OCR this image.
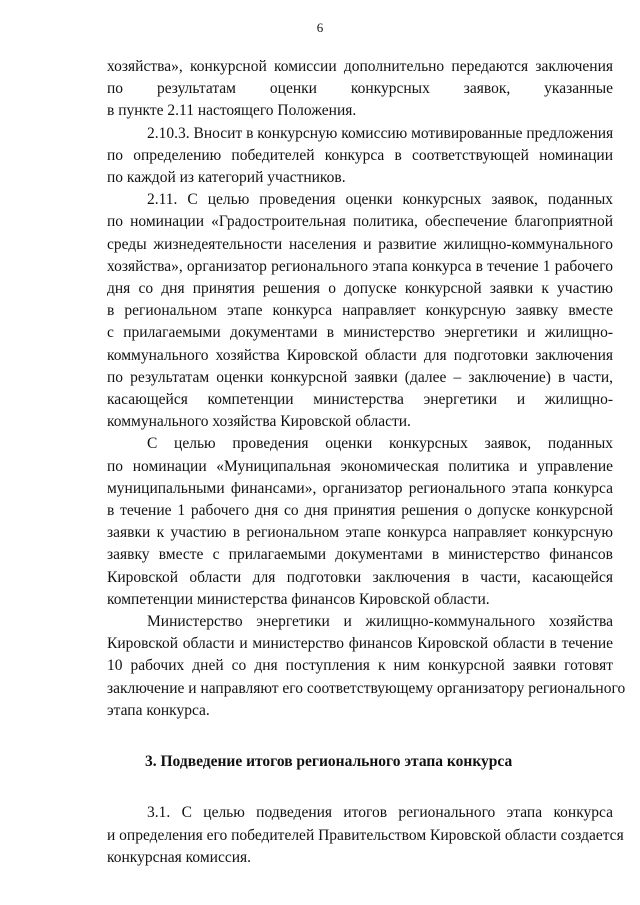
6
хозяйства», конкурсной комиссии дополнительно передаются заключения
по результатам оценки конкурсных заявок, указанные
в пункте 2.11 настоящего Положения.
2.10.3. Вносит в конкурсную комиссию мотивированные предложения
по определению победителей конкурса в соответствующей номинации
по каждой из категорий участников.
2.11. С целью проведения оценки конкурсных заявок, поданных
по номинации «Градостроительная политика, обеспечение благоприятной
среды жизнедеятельности населения и развитие жилищно-коммунального
хозяйства», организатор регионального этапа конкурса в течение 1 рабочего
дня со дня принятия решения о допуске конкурсной заявки к участию
в региональном этапе конкурса направляет конкурсную заявку вместе
с прилагаемыми документами в министерство энергетики и жилищно-
коммунального хозяйства Кировской области для подготовки заключения
по результатам оценки конкурсной заявки (далее – заключение) в части,
касающейся компетенции министерства энергетики и жилищно-
коммунального хозяйства Кировской области.
С целью проведения оценки конкурсных заявок, поданных
по номинации «Муниципальная экономическая политика и управление
муниципальными финансами», организатор регионального этапа конкурса
в течение 1 рабочего дня со дня принятия решения о допуске конкурсной
заявки к участию в региональном этапе конкурса направляет конкурсную
заявку вместе с прилагаемыми документами в министерство финансов
Кировской области для подготовки заключения в части, касающейся
компетенции министерства финансов Кировской области.
Министерство энергетики и жилищно-коммунального хозяйства
Кировской области и министерство финансов Кировской области в течение
10 рабочих дней со дня поступления к ним конкурсной заявки готовят
заключение и направляют его соответствующему организатору регионального
этапа конкурса.
3. Подведение итогов регионального этапа конкурса
3.1. С целью подведения итогов регионального этапа конкурса
и определения его победителей Правительством Кировской области создается
конкурсная комиссия.
